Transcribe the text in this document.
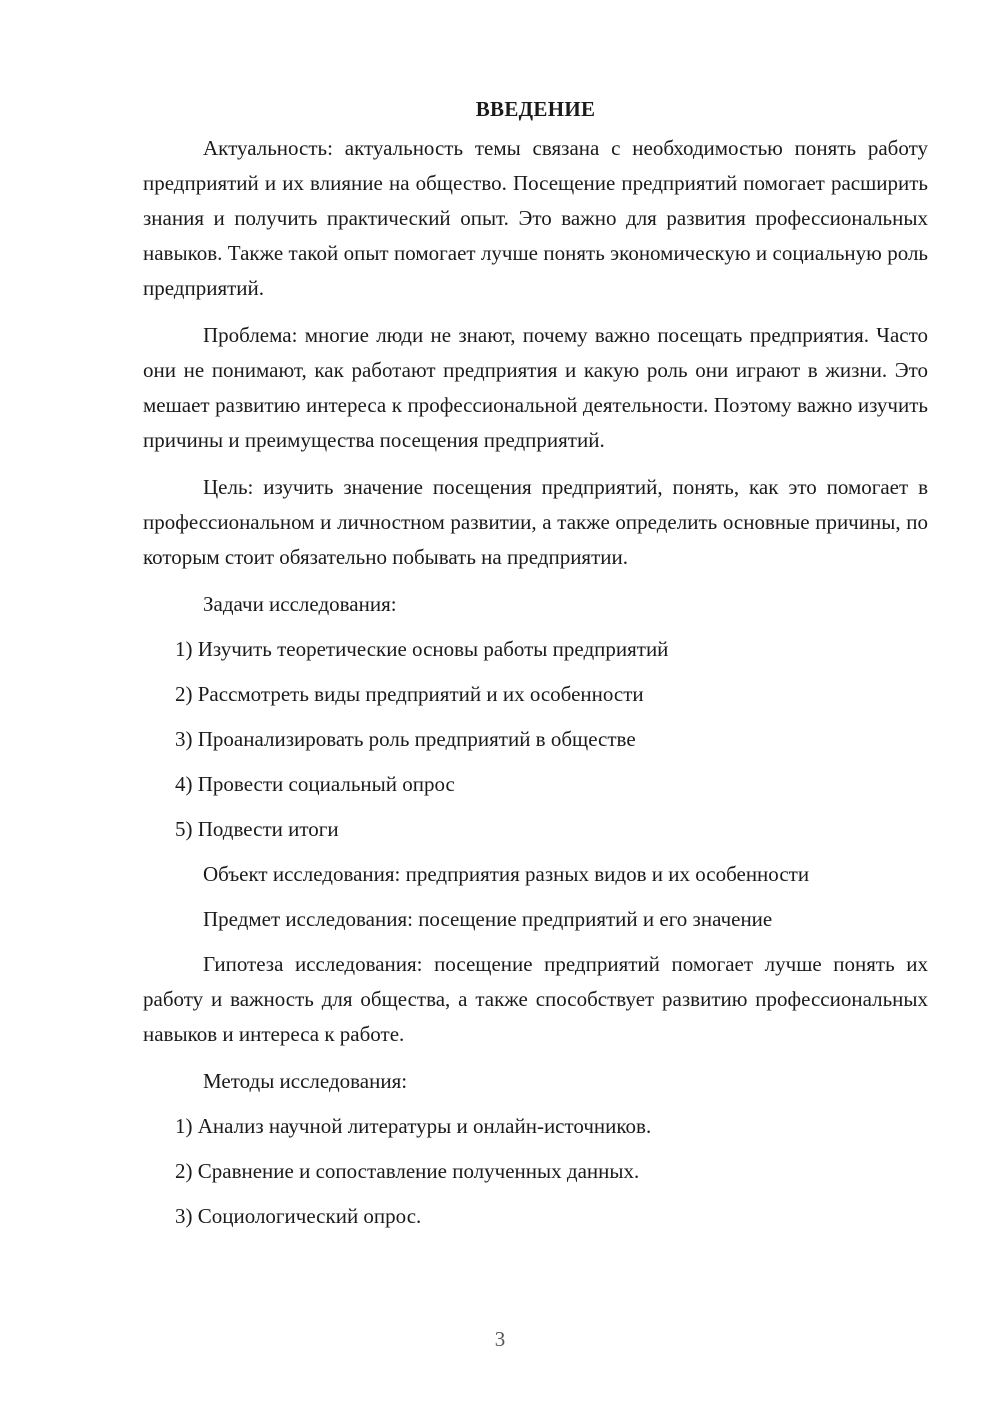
ВВЕДЕНИЕ

Актуальность: актуальность темы связана с необходимостью понять работу предприятий и их влияние на общество. Посещение предприятий помогает расширить знания и получить практический опыт. Это важно для развития профессиональных навыков. Также такой опыт помогает лучше понять экономическую и социальную роль предприятий.

Проблема: многие люди не знают, почему важно посещать предприятия. Часто они не понимают, как работают предприятия и какую роль они играют в жизни. Это мешает развитию интереса к профессиональной деятельности. Поэтому важно изучить причины и преимущества посещения предприятий.

Цель: изучить значение посещения предприятий, понять, как это помогает в профессиональном и личностном развитии, а также определить основные причины, по которым стоит обязательно побывать на предприятии.

Задачи исследования:
1) Изучить теоретические основы работы предприятий
2) Рассмотреть виды предприятий и их особенности
3) Проанализировать роль предприятий в обществе
4) Провести социальный опрос
5) Подвести итоги
Объект исследования: предприятия разных видов и их особенности
Предмет исследования: посещение предприятий и его значение

Гипотеза исследования: посещение предприятий помогает лучше понять их работу и важность для общества, а также способствует развитию профессиональных навыков и интереса к работе.

Методы исследования:
1) Анализ научной литературы и онлайн-источников.
2) Сравнение и сопоставление полученных данных.
3) Социологический опрос.
3
